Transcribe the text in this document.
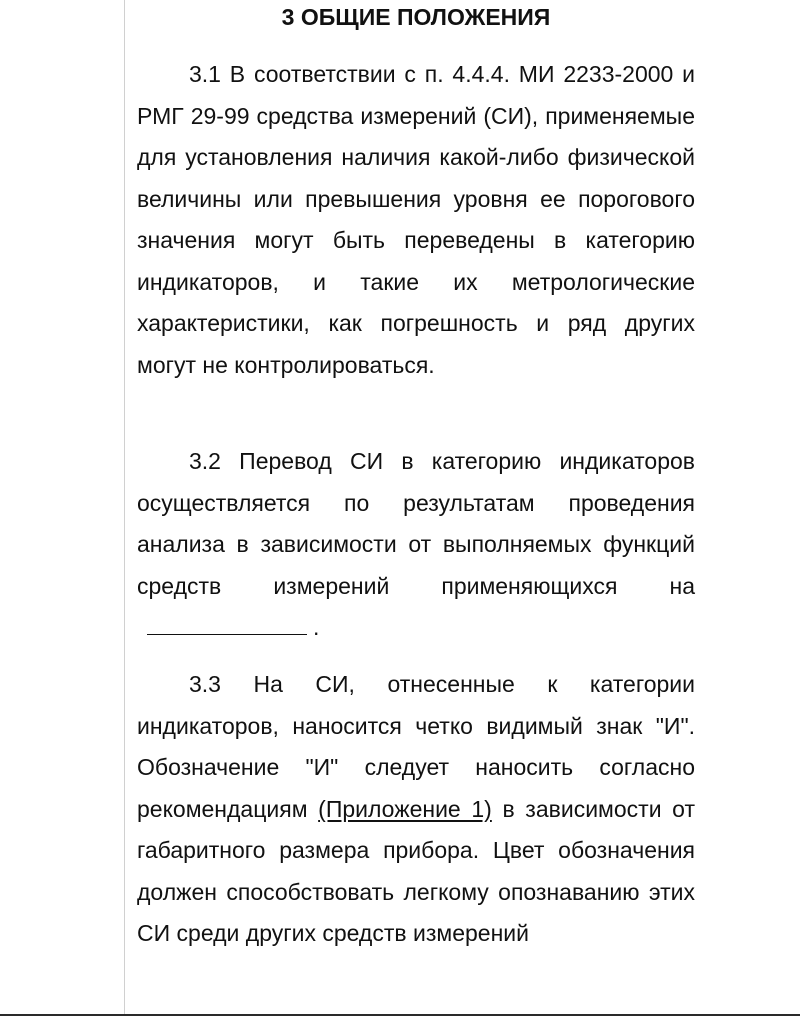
3 ОБЩИЕ ПОЛОЖЕНИЯ
3.1 В соответствии с п. 4.4.4. МИ 2233-2000 и РМГ 29-99 средства измерений (СИ), применяемые для установления наличия какой-либо физической величины или превышения уровня ее порогового значения могут быть переведены в категорию индикаторов, и такие их метрологические характеристики, как погрешность и ряд других могут не контролироваться.
3.2 Перевод СИ в категорию индикаторов осуществляется по результатам проведения анализа в зависимости от выполняемых функций средств измерений применяющихся на.
3.3 На СИ, отнесенные к категории индикаторов, наносится четко видимый знак "И". Обозначение "И" следует наносить согласно рекомендациям (Приложение 1) в зависимости от габаритного размера прибора. Цвет обозначения должен способствовать легкому опознаванию этих СИ среди других средств измерений
